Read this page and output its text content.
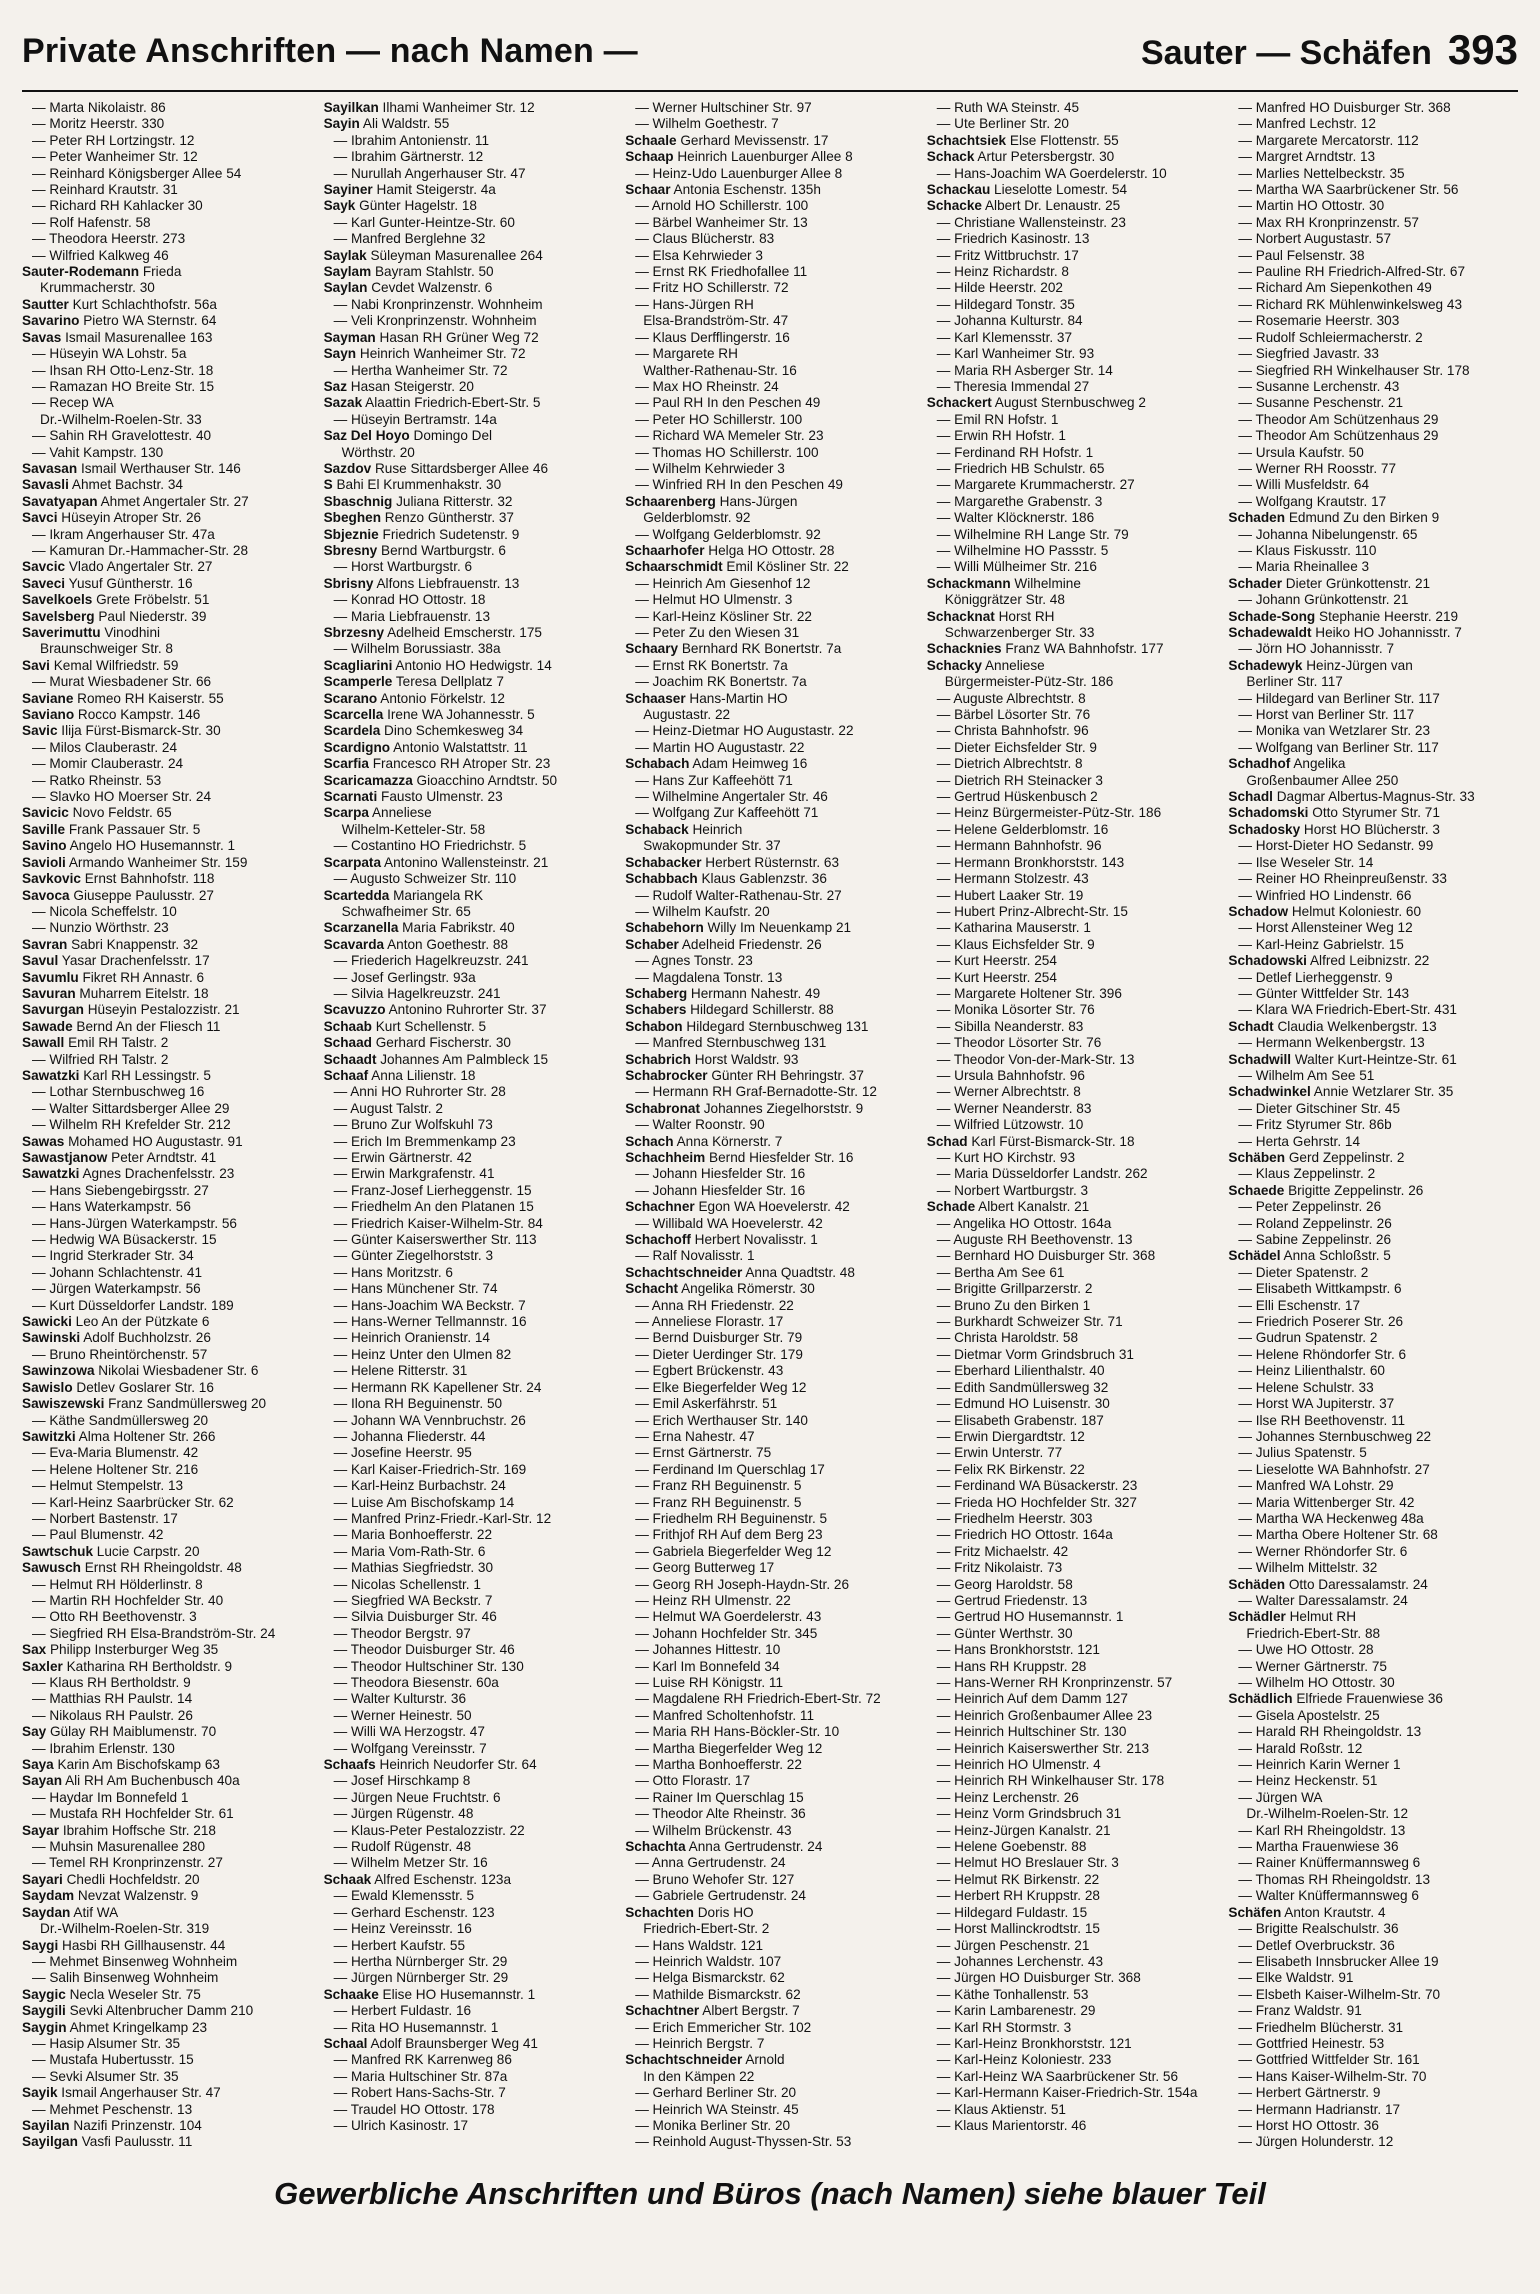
Private Anschriften — nach Namen —	Sauter — Schäfen 393
— Marta Nikolaistr. 86
— Moritz Heerstr. 330
— Peter RH Lortzingstr. 12
— Peter Wanheimer Str. 12
— Reinhard Königsberger Allee 54
— Reinhard Krautstr. 31
— Richard RH Kahlacker 30
— Rolf Hafenstr. 58
— Theodora Heerstr. 273
— Wilfried Kalkweg 46
Sauter-Rodemann Frieda
Krummacherstr. 30
Sautter Kurt Schlachthofstr. 56a
Savarino Pietro WA Sternstr. 64
Savas Ismail Masurenallee 163
— Hüseyin WA Lohstr. 5a
— Ihsan RH Otto-Lenz-Str. 18
— Ramazan HO Breite Str. 15
— Recep WA
Dr.-Wilhelm-Roelen-Str. 33
— Sahin RH Gravelottestr. 40
— Vahit Kampstr. 130
Savasan Ismail Werthauser Str. 146
Savasli Ahmet Bachstr. 34
Savatyapan Ahmet Angertaler Str. 27
Savci Hüseyin Atroper Str. 26
— Ikram Angerhauser Str. 47a
— Kamuran Dr.-Hammacher-Str. 28
Savcic Vlado Angertaler Str. 27
Saveci Yusuf Güntherstr. 16
Savelkoels Grete Fröbelstr. 51
Savelsberg Paul Niederstr. 39
Saverimuttu Vinodhini
Braunschweiger Str. 8
Savi Kemal Wilfriedstr. 59
— Murat Wiesbadener Str. 66
Saviane Romeo RH Kaiserstr. 55
Saviano Rocco Kampstr. 146
Savic Ilija Fürst-Bismarck-Str. 30
— Milos Clauberastr. 24
— Momir Clauberastr. 24
— Ratko Rheinstr. 53
— Slavko HO Moerser Str. 24
Savicic Novo Feldstr. 65
Saville Frank Passauer Str. 5
Savino Angelo HO Husemannstr. 1
Savioli Armando Wanheimer Str. 159
Savkovic Ernst Bahnhofstr. 118
Savoca Giuseppe Paulusstr. 27
— Nicola Scheffelstr. 10
— Nunzio Wörthstr. 23
Savran Sabri Knappenstr. 32
Savul Yasar Drachenfelsstr. 17
Savumlu Fikret RH Annastr. 6
Savuran Muharrem Eitelstr. 18
Savurgan Hüseyin Pestalozzistr. 21
Sawade Bernd An der Fliesch 11
Sawall Emil RH Talstr. 2
— Wilfried RH Talstr. 2
Sawatzki Karl RH Lessingstr. 5
— Lothar Sternbuschweg 16
— Walter Sittardsberger Allee 29
— Wilhelm RH Krefelder Str. 212
Sawas Mohamed HO Augustastr. 91
Sawastjanow Peter Arndtstr. 41
Sawatzki Agnes Drachenfelsstr. 23
— Hans Siebengebirgsstr. 27
— Hans Waterkampstr. 56
— Hans-Jürgen Waterkampstr. 56
— Hedwig WA Büsackerstr. 15
— Ingrid Sterkrader Str. 34
— Johann Schlachtenstr. 41
— Jürgen Waterkampstr. 56
— Kurt Düsseldorfer Landstr. 189
Sawicki Leo An der Pützkate 6
Sawinski Adolf Buchholzstr. 26
— Bruno Rheintörchenstr. 57
Sawinzowa Nikolai Wiesbadener Str. 6
Sawislo Detlev Goslarer Str. 16
Sawiszewski Franz Sandmüllersweg 20
— Käthe Sandmüllersweg 20
Sawitzki Alma Holtener Str. 266
— Eva-Maria Blumenstr. 42
— Helene Holtener Str. 216
— Helmut Stempelstr. 13
— Karl-Heinz Saarbrücker Str. 62
— Norbert Bastenstr. 17
— Paul Blumenstr. 42
Sawtschuk Lucie Carpstr. 20
Sawusch Ernst RH Rheingoldstr. 48
— Helmut RH Hölderlinstr. 8
— Martin RH Hochfelder Str. 40
— Otto RH Beethovenstr. 3
— Siegfried RH Elsa-Brandström-Str. 24
Sax Philipp Insterburger Weg 35
Saxler Katharina RH Bertholdstr. 9
— Klaus RH Bertholdstr. 9
— Matthias RH Paulstr. 14
— Nikolaus RH Paulstr. 26
Say Gülay RH Maiblumenstr. 70
— Ibrahim Erlenstr. 130
Saya Karin Am Bischofskamp 63
Sayan Ali RH Am Buchenbusch 40a
— Haydar Im Bonnefeld 1
— Mustafa RH Hochfelder Str. 61
Sayar Ibrahim Hoffsche Str. 218
— Muhsin Masurenallee 280
— Temel RH Kronprinzenstr. 27
Sayari Chedli Hochfeldstr. 20
Saydam Nevzat Walzenstr. 9
Saydan Atif WA
Dr.-Wilhelm-Roelen-Str. 319
Saygi Hasbi RH Gillhausenstr. 44
— Mehmet Binsenweg Wohnheim
— Salih Binsenweg Wohnheim
Saygic Necla Weseler Str. 75
Saygili Sevki Altenbrucher Damm 210
Saygin Ahmet Kringelkamp 23
— Hasip Alsumer Str. 35
— Mustafa Hubertusstr. 15
— Sevki Alsumer Str. 35
Sayik Ismail Angerhauser Str. 47
— Mehmet Peschenstr. 13
Sayilan Nazifi Prinzenstr. 104
Sayilgan Vasfi Paulusstr. 11
Sayilkan Ilhami Wanheimer Str. 12
Sayin Ali Waldstr. 55
— Ibrahim Antonienstr. 11
— Ibrahim Gärtnerstr. 12
— Nurullah Angerhauser Str. 47
Sayiner Hamit Steigerstr. 4a
Sayk Günter Hagelstr. 18
— Karl Gunter-Heintze-Str. 60
— Manfred Berglehne 32
Saylak Süleyman Masurenallee 264
Saylam Bayram Stahlstr. 50
Saylan Cevdet Walzenstr. 6
— Nabi Kronprinzenstr. Wohnheim
— Veli Kronprinzenstr. Wohnheim
Sayman Hasan RH Grüner Weg 72
Sayn Heinrich Wanheimer Str. 72
— Hertha Wanheimer Str. 72
Saz Hasan Steigerstr. 20
Sazak Alaattin Friedrich-Ebert-Str. 5
— Hüseyin Bertramstr. 14a
Saz Del Hoyo Domingo Del
Wörthstr. 20
Sazdov Ruse Sittardsberger Allee 46
S Bahi El Krummenhakstr. 30
Sbaschnig Juliana Ritterstr. 32
Sbeghen Renzo Güntherstr. 37
Sbjeznie Friedrich Sudetenstr. 9
Sbresny Bernd Wartburgstr. 6
— Horst Wartburgstr. 6
Sbrisny Alfons Liebfrauenstr. 13
— Konrad HO Ottostr. 18
— Maria Liebfrauenstr. 13
Sbrzesny Adelheid Emscherstr. 175
— Wilhelm Borussiastr. 38a
Scagliarini Antonio HO Hedwigstr. 14
Scamperle Teresa Dellplatz 7
Scarano Antonio Förkelstr. 12
Scarcella Irene WA Johannesstr. 5
Scardela Dino Schemkesweg 34
Scardigno Antonio Walstattstr. 11
Scarfia Francesco RH Atroper Str. 23
Scaricamazza Gioacchino Arndtstr. 50
Scarnati Fausto Ulmenstr. 23
Scarpa Anneliese
Wilhelm-Ketteler-Str. 58
— Costantino HO Friedrichstr. 5
Scarpata Antonino Wallensteinstr. 21
— Augusto Schweizer Str. 110
Scartedda Mariangela RK
Schwafheimer Str. 65
Scarzanella Maria Fabrikstr. 40
Scavarda Anton Goethestr. 88
— Friederich Hagelkreuzstr. 241
— Josef Gerlingstr. 93a
— Silvia Hagelkreuzstr. 241
Scavuzzo Antonino Ruhrorter Str. 37
Schaab Kurt Schellenstr. 5
Schaad Gerhard Fischerstr. 30
Schaadt Johannes Am Palmbleck 15
Schaaf Anna Lilienstr. 18
— Anni HO Ruhrorter Str. 28
— August Talstr. 2
— Bruno Zur Wolfskuhl 73
— Erich Im Bremmenkamp 23
— Erwin Gärtnerstr. 42
— Erwin Markgrafenstr. 41
— Franz-Josef Lierheggenstr. 15
— Friedhelm An den Platanen 15
— Friedrich Kaiser-Wilhelm-Str. 84
— Günter Kaiserswerther Str. 113
— Günter Ziegelhorststr. 3
— Hans Moritzstr. 6
— Hans Münchener Str. 74
— Hans-Joachim WA Beckstr. 7
— Hans-Werner Tellmannstr. 16
— Heinrich Oranienstr. 14
— Heinz Unter den Ulmen 82
— Helene Ritterstr. 31
— Hermann RK Kapellener Str. 24
— Ilona RH Beguinenstr. 50
— Johann WA Vennbruchstr. 26
— Johanna Fliederstr. 44
— Josefine Heerstr. 95
— Karl Kaiser-Friedrich-Str. 169
— Karl-Heinz Burbachstr. 24
— Luise Am Bischofskamp 14
— Manfred Prinz-Friedr.-Karl-Str. 12
— Maria Bonhoefferstr. 22
— Maria Vom-Rath-Str. 6
— Mathias Siegfriedstr. 30
— Nicolas Schellenstr. 1
— Siegfried WA Beckstr. 7
— Silvia Duisburger Str. 46
— Theodor Bergstr. 97
— Theodor Duisburger Str. 46
— Theodor Hultschiner Str. 130
— Theodora Biesenstr. 60a
— Walter Kulturstr. 36
— Werner Heinestr. 50
— Willi WA Herzogstr. 47
— Wolfgang Vereinsstr. 7
Schaafs Heinrich Neudorfer Str. 64
— Josef Hirschkamp 8
— Jürgen Neue Fruchtstr. 6
— Jürgen Rügenstr. 48
— Klaus-Peter Pestalozzistr. 22
— Rudolf Rügenstr. 48
— Wilhelm Metzer Str. 16
Schaak Alfred Eschenstr. 123a
— Ewald Klemensstr. 5
— Gerhard Eschenstr. 123
— Heinz Vereinsstr. 16
— Herbert Kaufstr. 55
— Hertha Nürnberger Str. 29
— Jürgen Nürnberger Str. 29
Schaake Elise HO Husemannstr. 1
— Herbert Fuldastr. 16
— Rita HO Husemannstr. 1
Schaal Adolf Braunsberger Weg 41
— Manfred RK Karrenweg 86
— Maria Hultschiner Str. 87a
— Robert Hans-Sachs-Str. 7
— Traudel HO Ottostr. 178
— Ulrich Kasinostr. 17
— Werner Hultschiner Str. 97
— Wilhelm Goethestr. 7
Schaale Gerhard Mevissenstr. 17
Schaap Heinrich Lauenburger Allee 8
— Heinz-Udo Lauenburger Allee 8
Schaar Antonia Eschenstr. 135h
— Arnold HO Schillerstr. 100
— Bärbel Wanheimer Str. 13
— Claus Blücherstr. 83
— Elsa Kehrwieder 3
— Ernst RK Friedhofallee 11
— Fritz HO Schillerstr. 72
— Hans-Jürgen RH
Elsa-Brandström-Str. 47
— Klaus Derfflingerstr. 16
— Margarete RH
Walther-Rathenau-Str. 16
— Max HO Rheinstr. 24
— Paul RH In den Peschen 49
— Peter HO Schillerstr. 100
— Richard WA Memeler Str. 23
— Thomas HO Schillerstr. 100
— Wilhelm Kehrwieder 3
— Winfried RH In den Peschen 49
Schaarenberg Hans-Jürgen
Gelderblomstr. 92
— Wolfgang Gelderblomstr. 92
Schaarhofer Helga HO Ottostr. 28
Schaarschmidt Emil Kösliner Str. 22
— Heinrich Am Giesenhof 12
— Helmut HO Ulmenstr. 3
— Karl-Heinz Kösliner Str. 22
— Peter Zu den Wiesen 31
Schaary Bernhard RK Bonertstr. 7a
— Ernst RK Bonertstr. 7a
— Joachim RK Bonertstr. 7a
Schaaser Hans-Martin HO
Augustastr. 22
— Heinz-Dietmar HO Augustastr. 22
— Martin HO Augustastr. 22
Schabach Adam Heimweg 16
— Hans Zur Kaffeehött 71
— Wilhelmine Angertaler Str. 46
— Wolfgang Zur Kaffeehött 71
Schaback Heinrich
Swakopmunder Str. 37
Schabacker Herbert Rüsternstr. 63
Schabbach Klaus Gablenzstr. 36
— Rudolf Walter-Rathenau-Str. 27
— Wilhelm Kaufstr. 20
Schabehorn Willy Im Neuenkamp 21
Schaber Adelheid Friedenstr. 26
— Agnes Tonstr. 23
— Magdalena Tonstr. 13
Schaberg Hermann Nahestr. 49
Schabers Hildegard Schillerstr. 88
Schabon Hildegard Sternbuschweg 131
— Manfred Sternbuschweg 131
Schabrich Horst Waldstr. 93
Schabrocker Günter RH Behringstr. 37
— Hermann RH Graf-Bernadotte-Str. 12
Schabronat Johannes Ziegelhorststr. 9
— Walter Roonstr. 90
Schach Anna Körnerstr. 7
Schachheim Bernd Hiesfelder Str. 16
— Johann Hiesfelder Str. 16
— Johann Hiesfelder Str. 16
Schachner Egon WA Hoevelerstr. 42
— Willibald WA Hoevelerstr. 42
Schachoff Herbert Novalisstr. 1
— Ralf Novalisstr. 1
Schachtschneider Anna Quadtstr. 48
Schacht Angelika Römerstr. 30
— Anna RH Friedenstr. 22
— Anneliese Florastr. 17
— Bernd Duisburger Str. 79
— Dieter Uerdinger Str. 179
— Egbert Brückenstr. 43
— Elke Biegerfelder Weg 12
— Emil Askerfährstr. 51
— Erich Werthauser Str. 140
— Erna Nahestr. 47
— Ernst Gärtnerstr. 75
— Ferdinand Im Querschlag 17
— Franz RH Beguinenstr. 5
— Franz RH Beguinenstr. 5
— Friedhelm RH Beguinenstr. 5
— Frithjof RH Auf dem Berg 23
— Gabriela Biegerfelder Weg 12
— Georg Butterweg 17
— Georg RH Joseph-Haydn-Str. 26
— Heinz RH Ulmenstr. 22
— Helmut WA Goerdelerstr. 43
— Johann Hochfelder Str. 345
— Johannes Hittestr. 10
— Karl Im Bonnefeld 34
— Luise RH Königstr. 11
— Magdalene RH Friedrich-Ebert-Str. 72
— Manfred Scholtenhofstr. 11
— Maria RH Hans-Böckler-Str. 10
— Martha Biegerfelder Weg 12
— Martha Bonhoefferstr. 22
— Otto Florastr. 17
— Rainer Im Querschlag 15
— Theodor Alte Rheinstr. 36
— Wilhelm Brückenstr. 43
Schachta Anna Gertrudenstr. 24
— Anna Gertrudenstr. 24
— Bruno Wehofer Str. 127
— Gabriele Gertrudenstr. 24
Schachten Doris HO
Friedrich-Ebert-Str. 2
— Hans Waldstr. 121
— Heinrich Waldstr. 107
— Helga Bismarckstr. 62
— Mathilde Bismarckstr. 62
Schachtner Albert Bergstr. 7
— Erich Emmericher Str. 102
— Heinrich Bergstr. 7
Schachtschneider Arnold
In den Kämpen 22
— Gerhard Berliner Str. 20
— Heinrich WA Steinstr. 45
— Monika Berliner Str. 20
— Reinhold August-Thyssen-Str. 53
— Ruth WA Steinstr. 45
— Ute Berliner Str. 20
Schachtsiek Else Flottenstr. 55
Schack Artur Petersbergstr. 30
— Hans-Joachim WA Goerdelerstr. 10
Schackau Lieselotte Lomestr. 54
Schacke Albert Dr. Lenaustr. 25
— Christiane Wallensteinstr. 23
— Friedrich Kasinostr. 13
— Fritz Wittbruchstr. 17
— Heinz Richardstr. 8
— Hilde Heerstr. 202
— Hildegard Tonstr. 35
— Johanna Kulturstr. 84
— Karl Klemensstr. 37
— Karl Wanheimer Str. 93
— Maria RH Asberger Str. 14
— Theresia Immendal 27
Schackert August Sternbuschweg 2
— Emil RN Hofstr. 1
— Erwin RH Hofstr. 1
— Ferdinand RH Hofstr. 1
— Friedrich HB Schulstr. 65
— Margarete Krummacherstr. 27
— Margarethe Grabenstr. 3
— Walter Klöcknerstr. 186
— Wilhelmine RH Lange Str. 79
— Wilhelmine HO Passstr. 5
— Willi Mülheimer Str. 216
Schackmann Wilhelmine
Königgrätzer Str. 48
Schacknat Horst RH
Schwarzenberger Str. 33
Schacknies Franz WA Bahnhofstr. 177
Schacky Anneliese
Bürgermeister-Pütz-Str. 186
— Auguste Albrechtstr. 8
— Bärbel Lösorter Str. 76
— Christa Bahnhofstr. 96
— Dieter Eichsfelder Str. 9
— Dietrich Albrechtstr. 8
— Dietrich RH Steinacker 3
— Gertrud Hüskenbusch 2
— Heinz Bürgermeister-Pütz-Str. 186
— Helene Gelderblomstr. 16
— Hermann Bahnhofstr. 96
— Hermann Bronkhorststr. 143
— Hermann Stolzestr. 43
— Hubert Laaker Str. 19
— Hubert Prinz-Albrecht-Str. 15
— Katharina Mauserstr. 1
— Klaus Eichsfelder Str. 9
— Kurt Heerstr. 254
— Kurt Heerstr. 254
— Margarete Holtener Str. 396
— Monika Lösorter Str. 76
— Sibilla Neanderstr. 83
— Theodor Lösorter Str. 76
— Theodor Von-der-Mark-Str. 13
— Ursula Bahnhofstr. 96
— Werner Albrechtstr. 8
— Werner Neanderstr. 83
— Wilfried Lützowstr. 10
Schad Karl Fürst-Bismarck-Str. 18
— Kurt HO Kirchstr. 93
— Maria Düsseldorfer Landstr. 262
— Norbert Wartburgstr. 3
Schade Albert Kanalstr. 21
— Angelika HO Ottostr. 164a
— Auguste RH Beethovenstr. 13
— Bernhard HO Duisburger Str. 368
— Bertha Am See 61
— Brigitte Grillparzerstr. 2
— Bruno Zu den Birken 1
— Burkhardt Schweizer Str. 71
— Christa Haroldstr. 58
— Dietmar Vorm Grindsbruch 31
— Eberhard Lilienthalstr. 40
— Edith Sandmüllersweg 32
— Edmund HO Luisenstr. 30
— Elisabeth Grabenstr. 187
— Erwin Diergardtstr. 12
— Erwin Unterstr. 77
— Felix RK Birkenstr. 22
— Ferdinand WA Büsackerstr. 23
— Frieda HO Hochfelder Str. 327
— Friedhelm Heerstr. 303
— Friedrich HO Ottostr. 164a
— Fritz Michaelstr. 42
— Fritz Nikolaistr. 73
— Georg Haroldstr. 58
— Gertrud Friedenstr. 13
— Gertrud HO Husemannstr. 1
— Günter Werthstr. 30
— Hans Bronkhorststr. 121
— Hans RH Kruppstr. 28
— Hans-Werner RH Kronprinzenstr. 57
— Heinrich Auf dem Damm 127
— Heinrich Großenbaumer Allee 23
— Heinrich Hultschiner Str. 130
— Heinrich Kaiserswerther Str. 213
— Heinrich HO Ulmenstr. 4
— Heinrich RH Winkelhauser Str. 178
— Heinz Lerchenstr. 26
— Heinz Vorm Grindsbruch 31
— Heinz-Jürgen Kanalstr. 21
— Helene Goebenstr. 88
— Helmut HO Breslauer Str. 3
— Helmut RK Birkenstr. 22
— Herbert RH Kruppstr. 28
— Hildegard Fuldastr. 15
— Horst Mallinckrodtstr. 15
— Jürgen Peschenstr. 21
— Johannes Lerchenstr. 43
— Jürgen HO Duisburger Str. 368
— Käthe Tonhallenstr. 53
— Karin Lambarenestr. 29
— Karl RH Stormstr. 3
— Karl-Heinz Bronkhorststr. 121
— Karl-Heinz Koloniestr. 233
— Karl-Heinz WA Saarbrückener Str. 56
— Karl-Hermann Kaiser-Friedrich-Str. 154a
— Klaus Aktienstr. 51
— Klaus Marientorstr. 46
— Manfred HO Duisburger Str. 368
— Manfred Lechstr. 12
— Margarete Mercatorstr. 112
— Margret Arndtstr. 13
— Marlies Nettelbeckstr. 35
— Martha WA Saarbrückener Str. 56
— Martin HO Ottostr. 30
— Max RH Kronprinzenstr. 57
— Norbert Augustastr. 57
— Paul Felsenstr. 38
— Pauline RH Friedrich-Alfred-Str. 67
— Richard Am Siepenkothen 49
— Richard RK Mühlenwinkelsweg 43
— Rosemarie Heerstr. 303
— Rudolf Schleiermacherstr. 2
— Siegfried Javastr. 33
— Siegfried RH Winkelhauser Str. 178
— Susanne Lerchenstr. 43
— Susanne Peschenstr. 21
— Theodor Am Schützenhaus 29
— Theodor Am Schützenhaus 29
— Ursula Kaufstr. 50
— Werner RH Roosstr. 77
— Willi Musfeldstr. 64
— Wolfgang Krautstr. 17
Schaden Edmund Zu den Birken 9
— Johanna Nibelungenstr. 65
— Klaus Fiskusstr. 110
— Maria Rheinallee 3
Schader Dieter Grünkottenstr. 21
— Johann Grünkottenstr. 21
Schade-Song Stephanie Heerstr. 219
Schadewaldt Heiko HO Johannisstr. 7
— Jörn HO Johannisstr. 7
Schadewyk Heinz-Jürgen van
Berliner Str. 117
— Hildegard van Berliner Str. 117
— Horst van Berliner Str. 117
— Monika van Wetzlarer Str. 23
— Wolfgang van Berliner Str. 117
Schadhof Angelika
Großenbaumer Allee 250
Schadl Dagmar Albertus-Magnus-Str. 33
Schadomski Otto Styrumer Str. 71
Schadosky Horst HO Blücherstr. 3
— Horst-Dieter HO Sedanstr. 99
— Ilse Weseler Str. 14
— Reiner HO Rheinpreußenstr. 33
— Winfried HO Lindenstr. 66
Schadow Helmut Koloniestr. 60
— Horst Allensteiner Weg 12
— Karl-Heinz Gabrielstr. 15
Schadowski Alfred Leibnizstr. 22
— Detlef Lierheggenstr. 9
— Günter Wittfelder Str. 143
— Klara WA Friedrich-Ebert-Str. 431
Schadt Claudia Welkenbergstr. 13
— Hermann Welkenbergstr. 13
Schadwill Walter Kurt-Heintze-Str. 61
— Wilhelm Am See 51
Schadwinkel Annie Wetzlarer Str. 35
— Dieter Gitschiner Str. 45
— Fritz Styrumer Str. 86b
— Herta Gehrstr. 14
Schäben Gerd Zeppelinstr. 2
— Klaus Zeppelinstr. 2
Schaede Brigitte Zeppelinstr. 26
— Peter Zeppelinstr. 26
— Roland Zeppelinstr. 26
— Sabine Zeppelinstr. 26
Schädel Anna Schloßstr. 5
— Dieter Spatenstr. 2
— Elisabeth Wittkampstr. 6
— Elli Eschenstr. 17
— Friedrich Poserer Str. 26
— Gudrun Spatenstr. 2
— Helene Rhöndorfer Str. 6
— Heinz Lilienthalstr. 60
— Helene Schulstr. 33
— Horst WA Jupiterstr. 37
— Ilse RH Beethovenstr. 11
— Johannes Sternbuschweg 22
— Julius Spatenstr. 5
— Lieselotte WA Bahnhofstr. 27
— Manfred WA Lohstr. 29
— Maria Wittenberger Str. 42
— Martha WA Heckenweg 48a
— Martha Obere Holtener Str. 68
— Werner Rhöndorfer Str. 6
— Wilhelm Mittelstr. 32
Schäden Otto Daressalamstr. 24
— Walter Daressalamstr. 24
Schädler Helmut RH
Friedrich-Ebert-Str. 88
— Uwe HO Ottostr. 28
— Werner Gärtnerstr. 75
— Wilhelm HO Ottostr. 30
Schädlich Elfriede Frauenwiese 36
— Gisela Apostelstr. 25
— Harald RH Rheingoldstr. 13
— Harald Roßstr. 12
— Heinrich Karin Werner 1
— Heinz Heckenstr. 51
— Jürgen WA
Dr.-Wilhelm-Roelen-Str. 12
— Karl RH Rheingoldstr. 13
— Martha Frauenwiese 36
— Rainer Knüffermannsweg 6
— Thomas RH Rheingoldstr. 13
— Walter Knüffermannsweg 6
Schäfen Anton Krautstr. 4
— Brigitte Realschulstr. 36
— Detlef Overbruckstr. 36
— Elisabeth Innsbrucker Allee 19
— Elke Waldstr. 91
— Elsbeth Kaiser-Wilhelm-Str. 70
— Franz Waldstr. 91
— Friedhelm Blücherstr. 31
— Gottfried Heinestr. 53
— Gottfried Wittfelder Str. 161
— Hans Kaiser-Wilhelm-Str. 70
— Herbert Gärtnerstr. 9
— Hermann Hadrianstr. 17
— Horst HO Ottostr. 36
— Jürgen Holunderstr. 12
Gewerbliche Anschriften und Büros (nach Namen) siehe blauer Teil
